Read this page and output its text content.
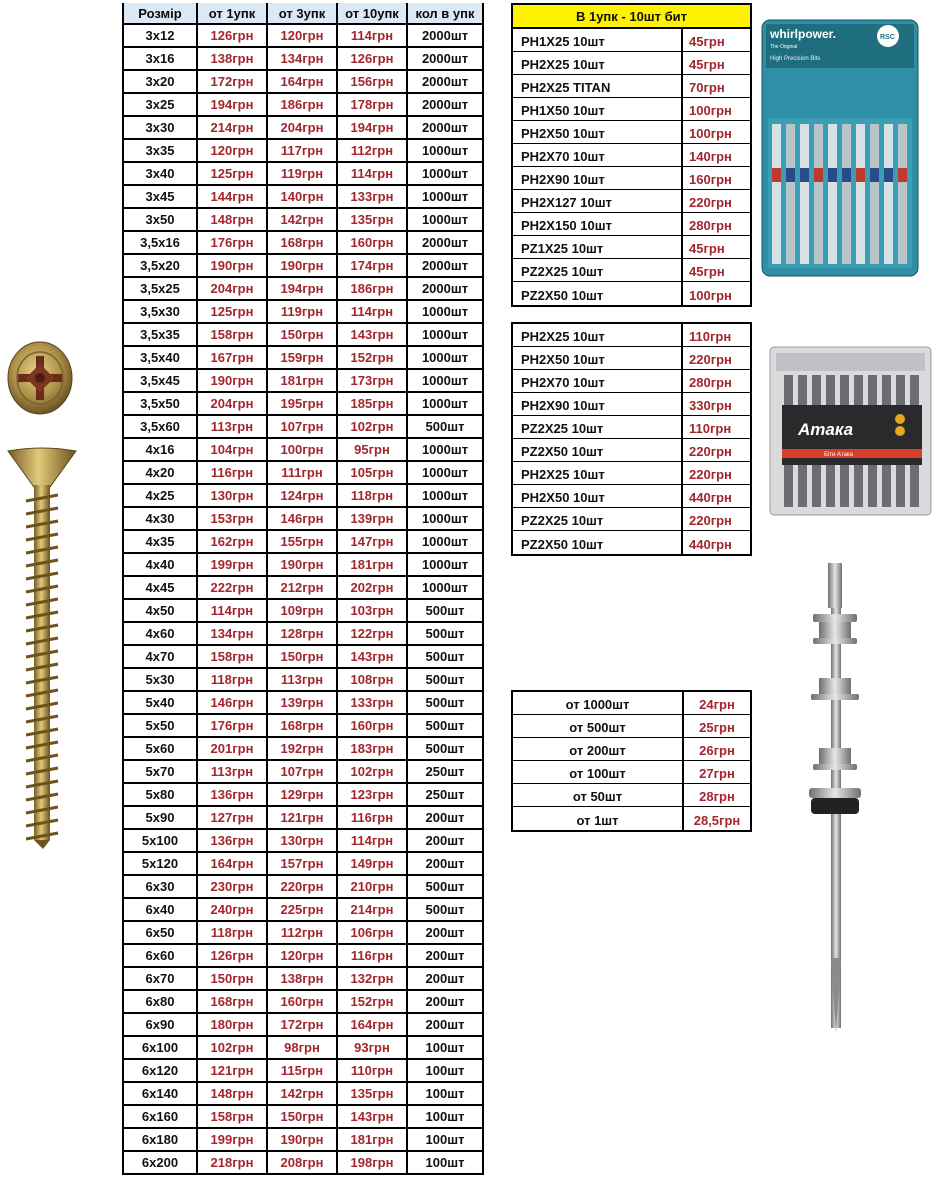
whirlpower.
The Original
High Precision Bits
RSC
Атака
Біти Атака
Розмір	от 1упк	от 3упк	от 10упк	кол в упк
3x12	126грн	120грн	114грн	2000шт
3x16	138грн	134грн	126грн	2000шт
3x20	172грн	164грн	156грн	2000шт
3x25	194грн	186грн	178грн	2000шт
3x30	214грн	204грн	194грн	2000шт
3x35	120грн	117грн	112грн	1000шт
3x40	125грн	119грн	114грн	1000шт
3x45	144грн	140грн	133грн	1000шт
3x50	148грн	142грн	135грн	1000шт
3,5x16	176грн	168грн	160грн	2000шт
3,5x20	190грн	190грн	174грн	2000шт
3,5x25	204грн	194грн	186грн	2000шт
3,5x30	125грн	119грн	114грн	1000шт
3,5x35	158грн	150грн	143грн	1000шт
3,5x40	167грн	159грн	152грн	1000шт
3,5x45	190грн	181грн	173грн	1000шт
3,5x50	204грн	195грн	185грн	1000шт
3,5x60	113грн	107грн	102грн	500шт
4x16	104грн	100грн	95грн	1000шт
4x20	116грн	111грн	105грн	1000шт
4x25	130грн	124грн	118грн	1000шт
4x30	153грн	146грн	139грн	1000шт
4x35	162грн	155грн	147грн	1000шт
4x40	199грн	190грн	181грн	1000шт
4x45	222грн	212грн	202грн	1000шт
4x50	114грн	109грн	103грн	500шт
4x60	134грн	128грн	122грн	500шт
4x70	158грн	150грн	143грн	500шт
5x30	118грн	113грн	108грн	500шт
5x40	146грн	139грн	133грн	500шт
5x50	176грн	168грн	160грн	500шт
5x60	201грн	192грн	183грн	500шт
5x70	113грн	107грн	102грн	250шт
5x80	136грн	129грн	123грн	250шт
5x90	127грн	121грн	116грн	200шт
5x100	136грн	130грн	114грн	200шт
5x120	164грн	157грн	149грн	200шт
6x30	230грн	220грн	210грн	500шт
6x40	240грн	225грн	214грн	500шт
6x50	118грн	112грн	106грн	200шт
6x60	126грн	120грн	116грн	200шт
6x70	150грн	138грн	132грн	200шт
6x80	168грн	160грн	152грн	200шт
6x90	180грн	172грн	164грн	200шт
6x100	102грн	98грн	93грн	100шт
6x120	121грн	115грн	110грн	100шт
6x140	148грн	142грн	135грн	100шт
6x160	158грн	150грн	143грн	100шт
6x180	199грн	190грн	181грн	100шт
6x200	218грн	208грн	198грн	100шт
В 1упк - 10шт бит
PH1X25 10шт	45грн
PH2X25 10шт	45грн
PH2X25 TITAN	70грн
PH1X50 10шт	100грн
PH2X50 10шт	100грн
PH2X70 10шт	140грн
PH2X90 10шт	160грн
PH2X127 10шт	220грн
PH2X150 10шт	280грн
PZ1X25 10шт	45грн
PZ2X25 10шт	45грн
PZ2X50 10шт	100грн
PH2X25 10шт	110грн
PH2X50 10шт	220грн
PH2X70 10шт	280грн
PH2X90 10шт	330грн
PZ2X25 10шт	110грн
PZ2X50 10шт	220грн
PH2X25 10шт	220грн
PH2X50 10шт	440грн
PZ2X25 10шт	220грн
PZ2X50 10шт	440грн
от 1000шт	24грн
от 500шт	25грн
от 200шт	26грн
от 100шт	27грн
от 50шт	28грн
от 1шт	28,5грн
